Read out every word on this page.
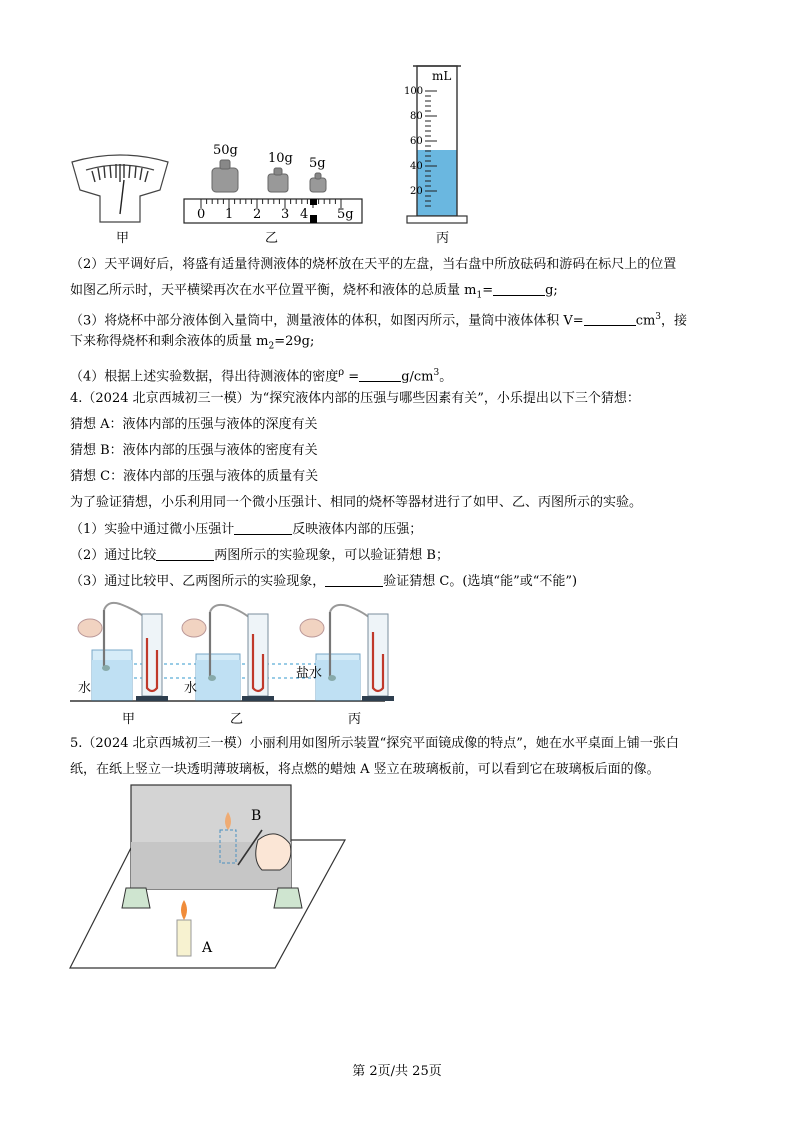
50g
10g 5g
0 1 2 3 4 5g
mL
100
80
60
40
20
甲	乙	丙
（2）天平调好后，将盛有适量待测液体的烧杯放在天平的左盘，当右盘中所放砝码和游码在标尺上的位置
如图乙所示时，天平横梁再次在水平位置平衡，烧杯和液体的总质量 $m_1=$	g;
（3）将烧杯中部分液体倒入量筒中，测量液体的体积，如图丙所示，量筒中液体体积 V=	$cm^3$，接
下来称得烧杯和剩余液体的质量 $m_2=29g$;
（4）根据上述实验数据，得出待测液体的密度$^\rho$ =	$g/cm^3$。
4.（2024 北京西城初三一模）为“探究液体内部的压强与哪些因素有关”，小乐提出以下三个猜想：
猜想 A：液体内部的压强与液体的深度有关
猜想 B：液体内部的压强与液体的密度有关
猜想 C：液体内部的压强与液体的质量有关
为了验证猜想，小乐利用同一个微小压强计、相同的烧杯等器材进行了如甲、乙、丙图所示的实验。
（1）实验中通过微小压强计	反映液体内部的压强；
（2）通过比较	两图所示的实验现象，可以验证猜想 B；
（3）通过比较甲、乙两图所示的实验现象，	验证猜想 C。(选填“能”或“不能”)
水	水
盐水
甲	乙	丙
5.（2024 北京西城初三一模）小丽利用如图所示装置“探究平面镜成像的特点”，她在水平桌面上铺一张白
纸，在纸上竖立一块透明薄玻璃板，将点燃的蜡烛 A 竖立在玻璃板前，可以看到它在玻璃板后面的像。
A
B
第 2页/共 25页
